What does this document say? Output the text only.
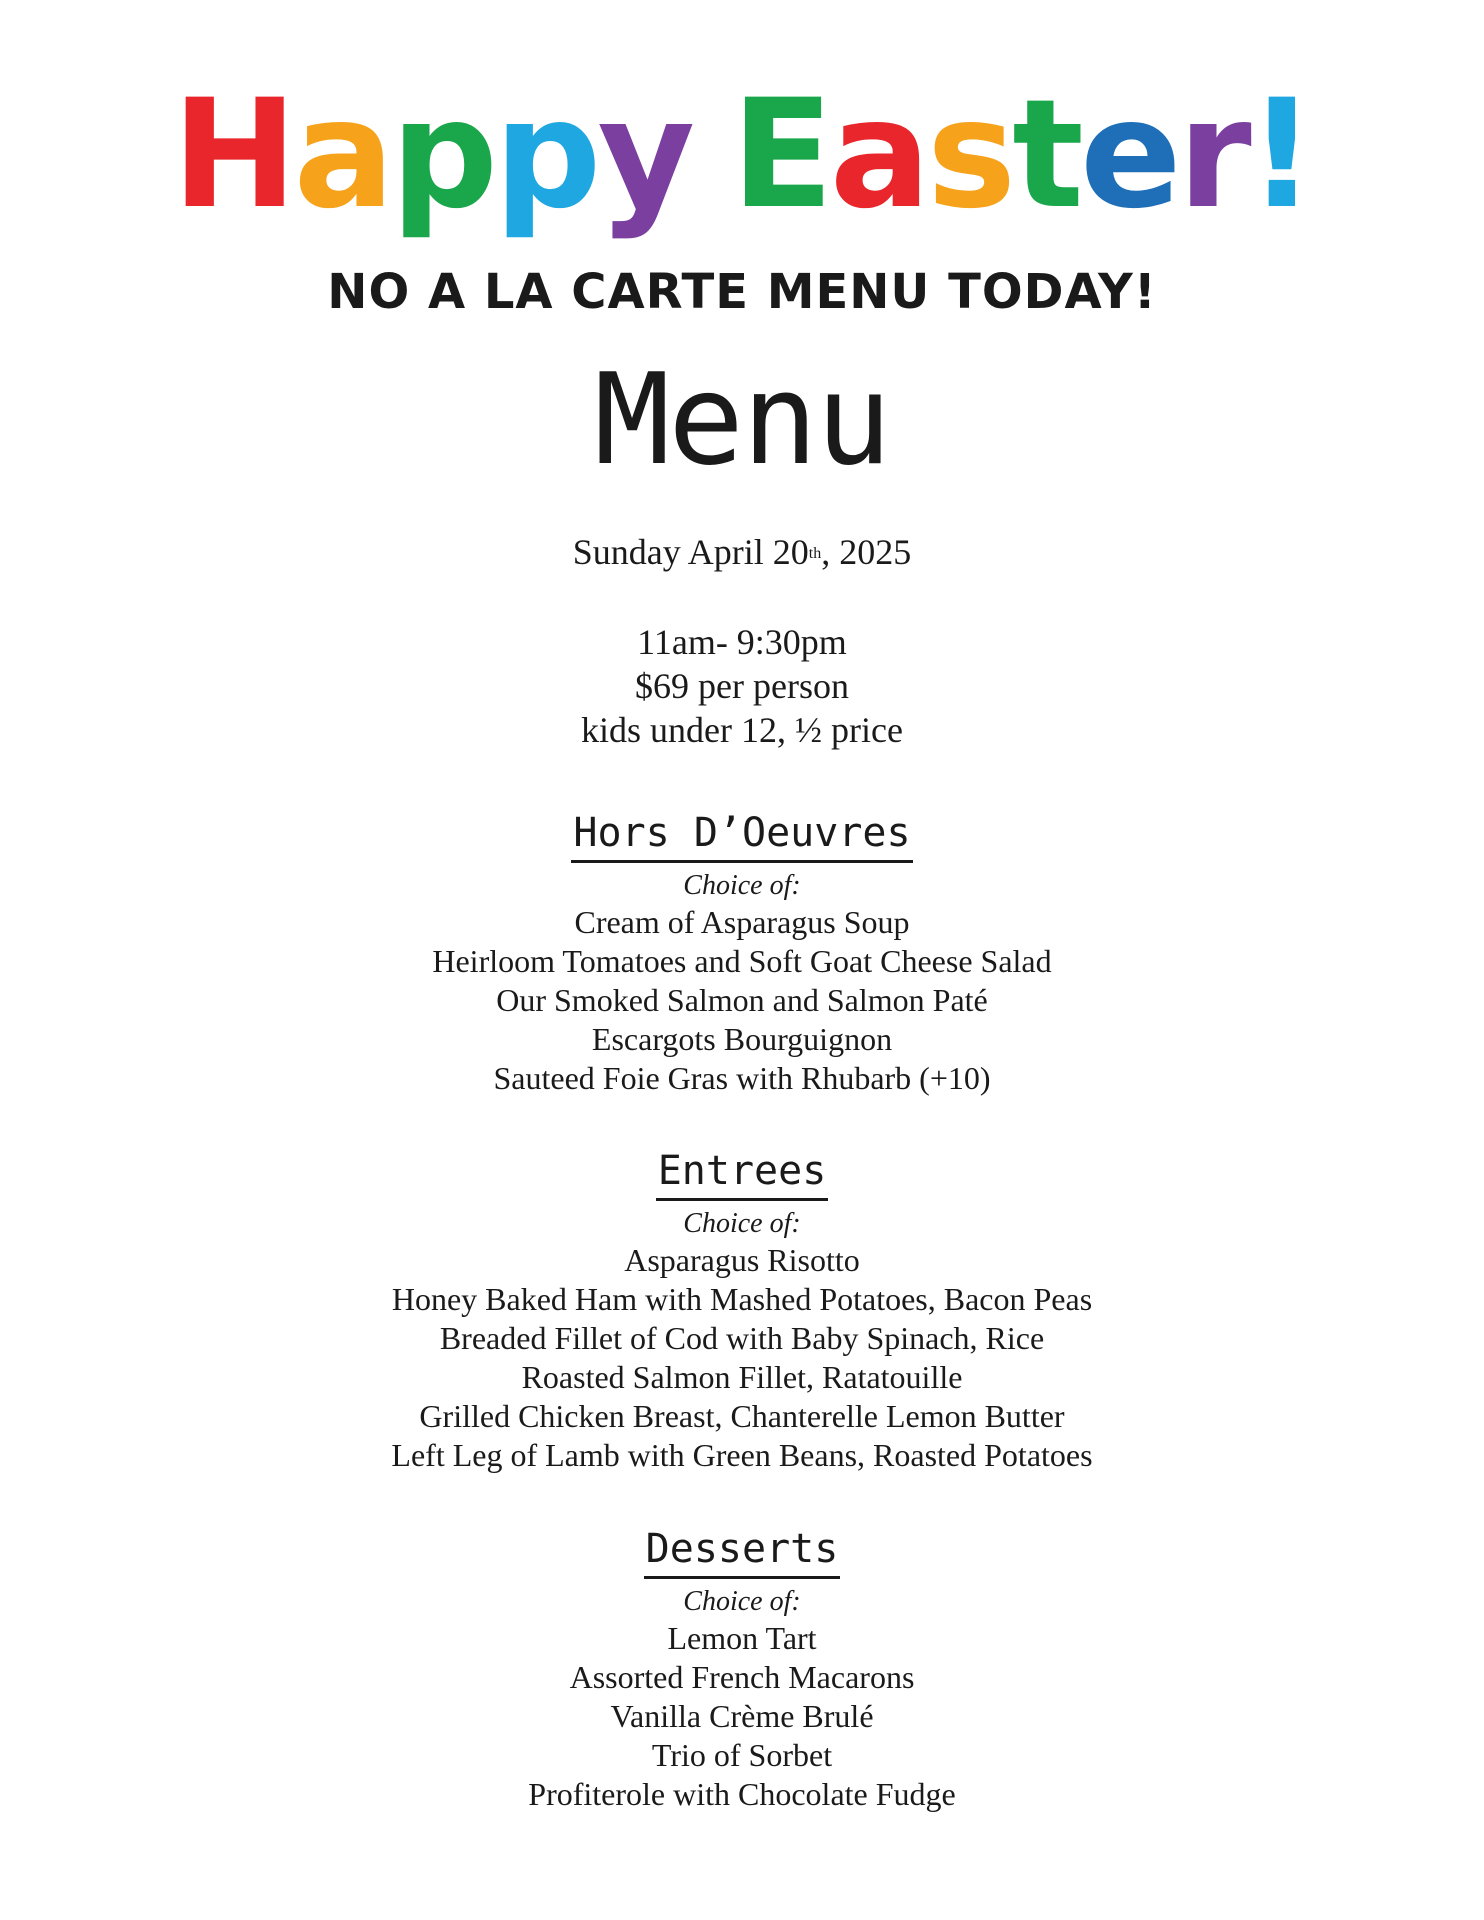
Happy Easter!
NO A LA CARTE MENU TODAY!
Menu
Sunday April 20th, 2025
11am- 9:30pm
$69 per person
kids under 12, ½ price
Hors D’Oeuvres
Choice of:
Cream of Asparagus Soup
Heirloom Tomatoes and Soft Goat Cheese Salad
Our Smoked Salmon and Salmon Paté
Escargots Bourguignon
Sauteed Foie Gras with Rhubarb (+10)
Entrees
Choice of:
Asparagus Risotto
Honey Baked Ham with Mashed Potatoes, Bacon Peas
Breaded Fillet of Cod with Baby Spinach, Rice
Roasted Salmon Fillet, Ratatouille
Grilled Chicken Breast, Chanterelle Lemon Butter
Left Leg of Lamb with Green Beans, Roasted Potatoes
Desserts
Choice of:
Lemon Tart
Assorted French Macarons
Vanilla Crème Brulé
Trio of Sorbet
Profiterole with Chocolate Fudge
